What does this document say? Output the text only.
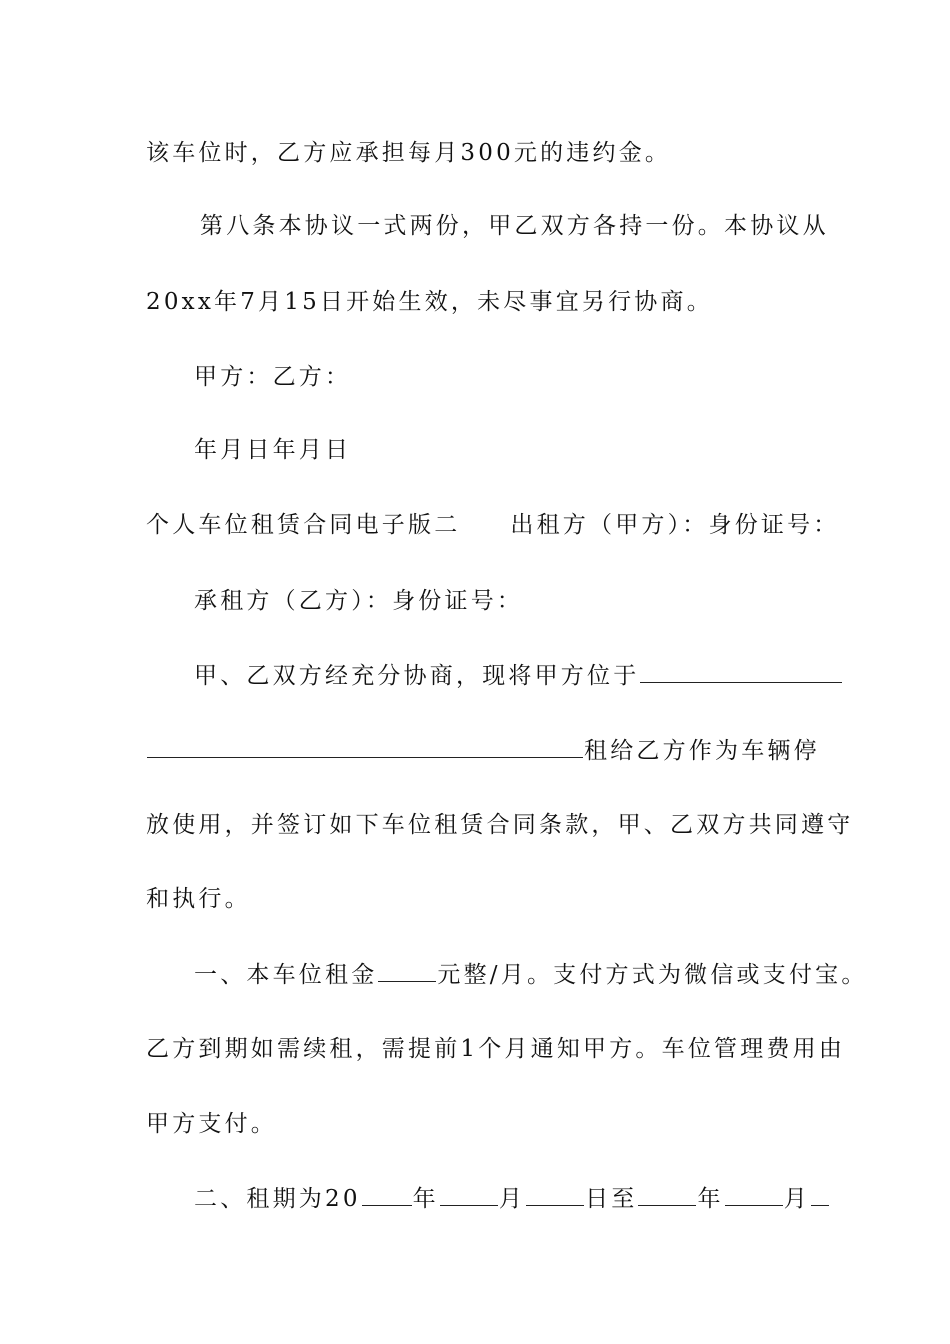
该车位时，乙方应承担每月300元的违约金。
第八条本协议一式两份，甲乙双方各持一份。本协议从
20xx年7月15日开始生效，未尽事宜另行协商。
甲方：乙方：
年月日年月日
个人车位租赁合同电子版二 出租方（甲方）：身份证号：
承租方（乙方）：身份证号：
甲、乙双方经充分协商，现将甲方位于
租给乙方作为车辆停
放使用，并签订如下车位租赁合同条款，甲、乙双方共同遵守
和执行。
一、本车位租金	元整/月。支付方式为微信或支付宝。
乙方到期如需续租，需提前1个月通知甲方。车位管理费用由
甲方支付。
二、租期为20 年	月	日至	年	月
